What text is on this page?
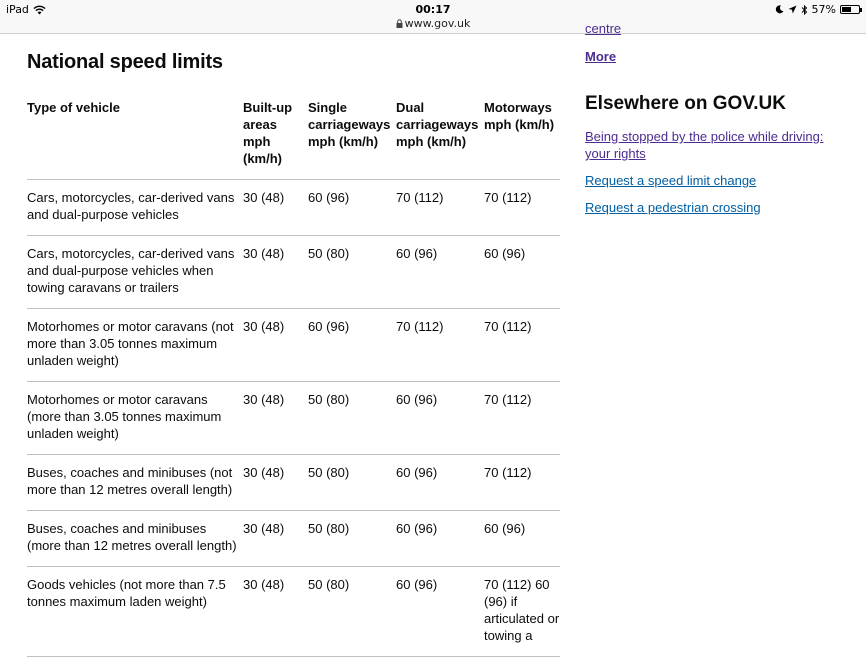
iPad	00:17
www.gov.uk
57%
National speed limits
Type of vehicle	Built-up areas mph (km/h)	Single carriageways mph (km/h)	Dual carriageways mph (km/h)	Motorways mph (km/h)
Cars, motorcycles, car-derived vans and dual-purpose vehicles	30 (48)	60 (96)	70 (112)	70 (112)
Cars, motorcycles, car-derived vans and dual-purpose vehicles when towing caravans or trailers	30 (48)	50 (80)	60 (96)	60 (96)
Motorhomes or motor caravans (not more than 3.05 tonnes maximum unladen weight)	30 (48)	60 (96)	70 (112)	70 (112)
Motorhomes or motor caravans (more than 3.05 tonnes maximum unladen weight)	30 (48)	50 (80)	60 (96)	70 (112)
Buses, coaches and minibuses (not more than 12 metres overall length)	30 (48)	50 (80)	60 (96)	70 (112)
Buses, coaches and minibuses (more than 12 metres overall length)	30 (48)	50 (80)	60 (96)	60 (96)
Goods vehicles (not more than 7.5 tonnes maximum laden weight)	30 (48)	50 (80)	60 (96)	70 (112) 60 (96) if articulated or towing a
centre
More
Elsewhere on GOV.UK
Being stopped by the police while driving: your rights
Request a speed limit change
Request a pedestrian crossing
